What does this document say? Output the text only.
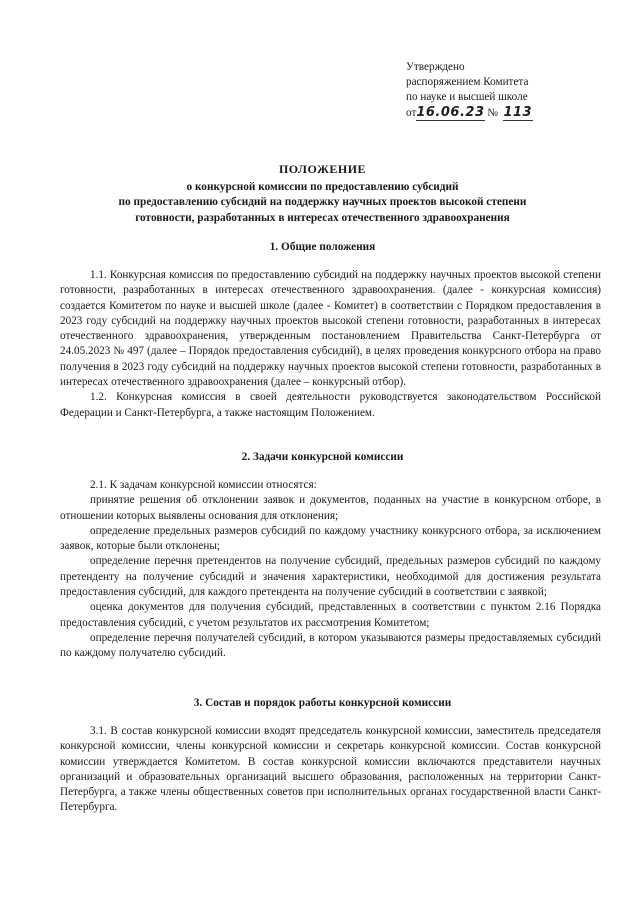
Утверждено
распоряжением Комитета
по науке и высшей школе
от16.06.23 № 113
ПОЛОЖЕНИЕ
о конкурсной комиссии по предоставлению субсидий
по предоставлению субсидий на поддержку научных проектов высокой степени
готовности, разработанных в интересах отечественного здравоохранения
1. Общие положения

1.1. Конкурсная комиссия по предоставлению субсидий на поддержку научных проектов высокой степени готовности, разработанных в интересах отечественного здравоохранения. (далее - конкурсная комиссия) создается Комитетом по науке и высшей школе (далее - Комитет) в соответствии с Порядком предоставления в 2023 году субсидий на поддержку научных проектов высокой степени готовности, разработанных в интересах отечественного здравоохранения, утвержденным постановлением Правительства Санкт-Петербурга от 24.05.2023 № 497 (далее – Порядок предоставления субсидий), в целях проведения конкурсного отбора на право получения в 2023 году субсидий на поддержку научных проектов высокой степени готовности, разработанных в интересах отечественного здравоохранения (далее – конкурсный отбор).

1.2. Конкурсная комиссия в своей деятельности руководствуется законодательством Российской Федерации и Санкт-Петербурга, а также настоящим Положением.

2. Задачи конкурсной комиссии

2.1. К задачам конкурсной комиссии относятся:

принятие решения об отклонении заявок и документов, поданных на участие в конкурсном отборе, в отношении которых выявлены основания для отклонения;

определение предельных размеров субсидий по каждому участнику конкурсного отбора, за исключением заявок, которые были отклонены;

определение перечня претендентов на получение субсидий, предельных размеров субсидий по каждому претенденту на получение субсидий и значения характеристики, необходимой для достижения результата предоставления субсидий, для каждого претендента на получение субсидий в соответствии с заявкой;

оценка документов для получения субсидий, представленных в соответствии с пунктом 2.16 Порядка предоставления субсидий, с учетом результатов их рассмотрения Комитетом;

определение перечня получателей субсидий, в котором указываются размеры предоставляемых субсидий по каждому получателю субсидий.

3. Состав и порядок работы конкурсной комиссии

3.1. В состав конкурсной комиссии входят председатель конкурсной комиссии, заместитель председателя конкурсной комиссии, члены конкурсной комиссии и секретарь конкурсной комиссии. Состав конкурсной комиссии утверждается Комитетом. В состав конкурсной комиссии включаются представители научных организаций и образовательных организаций высшего образования, расположенных на территории Санкт-Петербурга, а также члены общественных советов при исполнительных органах государственной власти Санкт-Петербурга.
